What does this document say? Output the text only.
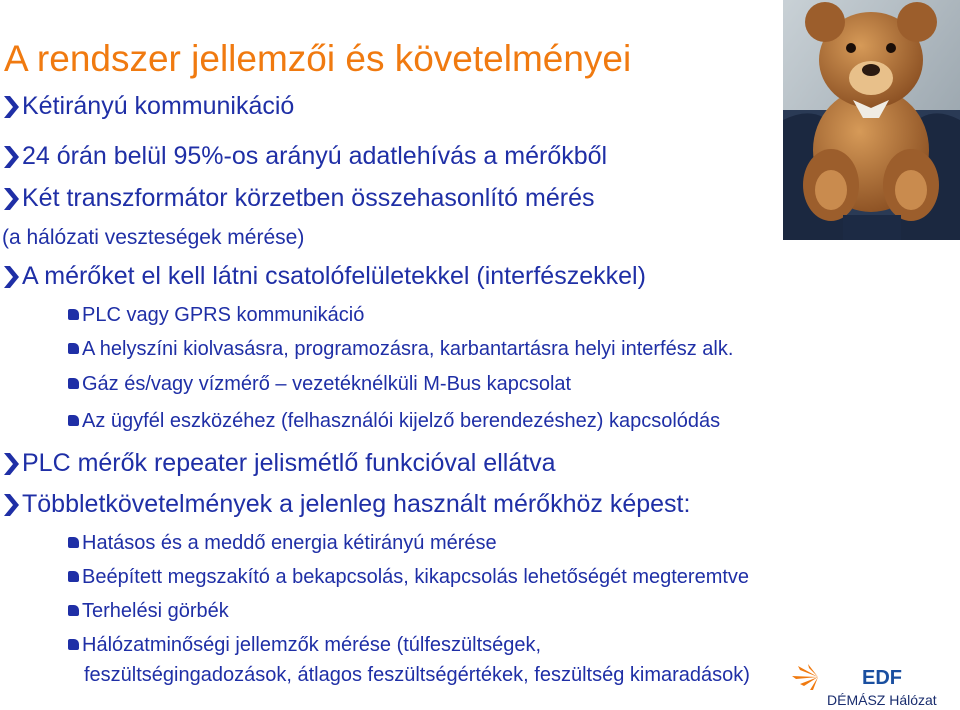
A rendszer jellemzői és követelményei
Kétirányú kommunikáció
24 órán belül 95%-os arányú adatlehívás a mérőkből
Két transzformátor körzetben összehasonlító mérés
(a hálózati veszteségek mérése)
A mérőket el kell látni csatolófelületekkel (interfészekkel)
PLC vagy GPRS kommunikáció
A helyszíni kiolvasásra, programozásra, karbantartásra helyi interfész alk.
Gáz és/vagy vízmérő – vezetéknélküli M-Bus kapcsolat
Az ügyfél eszközéhez (felhasználói kijelző berendezéshez) kapcsolódás
PLC mérők repeater jelismétlő funkcióval ellátva
Többletkövetelmények a jelenleg használt mérőkhöz képest:
Hatásos és a meddő energia kétirányú mérése
Beépített megszakító a bekapcsolás, kikapcsolás lehetőségét megteremtve
Terhelési görbék
Hálózatminőségi jellemzők mérése (túlfeszültségek,
feszültségingadozások, átlagos feszültségértékek, feszültség kimaradások)	EDF
DÉMÁSZ Hálózat
